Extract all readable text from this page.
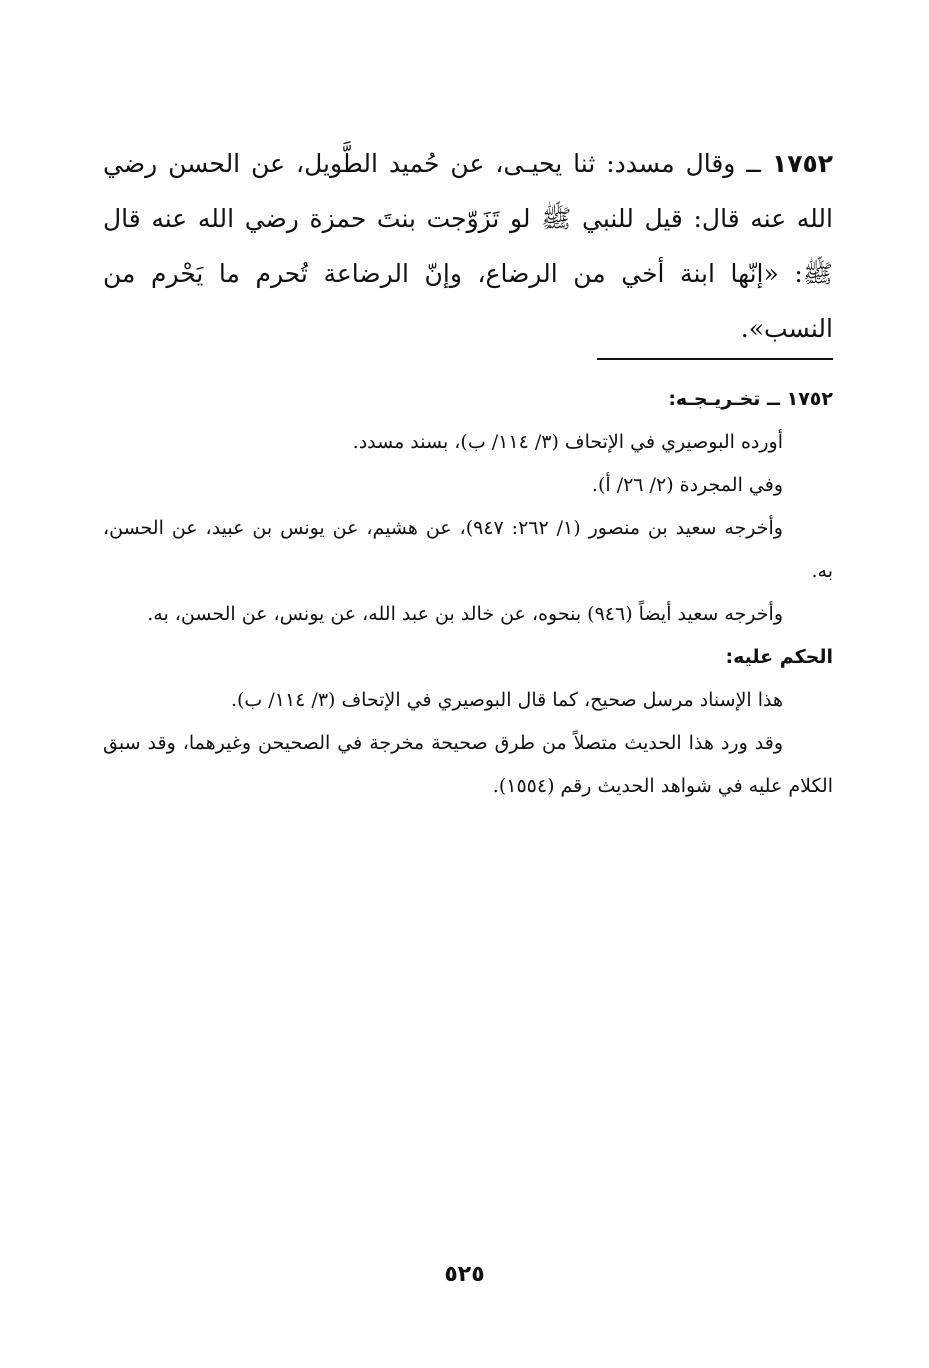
١٧٥٢ ــ وقال مسدد: ثنا يحيـى، عن حُميد الطَّويل، عن الحسن رضي الله عنه قال: قيل للنبي ﷺ لو تَزَوّجت بنتَ حمزة رضي الله عنه قال ﷺ: «إنّها ابنة أخي من الرضاع، وإنّ الرضاعة تُحرم ما يَحْرم من النسب».

١٧٥٢ ــ تخـريـجـه:

أورده البوصيري في الإتحاف (٣/ ١١٤/ ب)، بسند مسدد.

وفي المجردة (٢/ ٢٦/ أ).

وأخرجه سعيد بن منصور (١/ ٢٦٢: ٩٤٧)، عن هشيم، عن يونس بن عبيد، عن الحسن، به.

وأخرجه سعيد أيضاً (٩٤٦) بنحوه، عن خالد بن عبد الله، عن يونس، عن الحسن، به.

الحكم عليه:

هذا الإسناد مرسل صحيح، كما قال البوصيري في الإتحاف (٣/ ١١٤/ ب).

وقد ورد هذا الحديث متصلاً من طرق صحيحة مخرجة في الصحيحن وغيرهما، وقد سبق الكلام عليه في شواهد الحديث رقم (١٥٥٤).

٥٢٥
